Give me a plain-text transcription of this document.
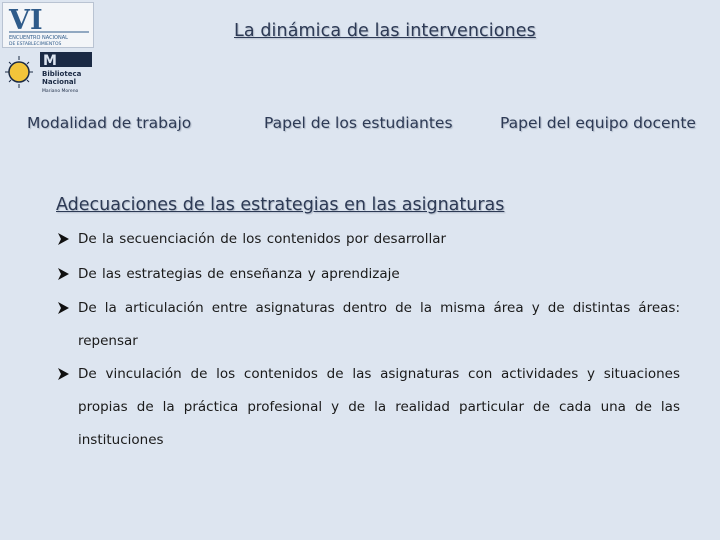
VI
ENCUENTRO NACIONAL
DE ESTABLECIMIENTOS
M
Biblioteca
Nacional
Mariano Moreno
La dinámica de las intervenciones
Modalidad de trabajo	Papel de los estudiantes	Papel del equipo docente
Adecuaciones de las estrategias en las asignaturas
De la secuenciación de los contenidos por desarrollar
De las estrategias de enseñanza y aprendizaje
De la articulación entre asignaturas dentro de la misma área y de distintas áreas: repensar
De vinculación de los contenidos de las asignaturas con actividades y situaciones propias de la práctica profesional y de la realidad particular de cada una de las instituciones
